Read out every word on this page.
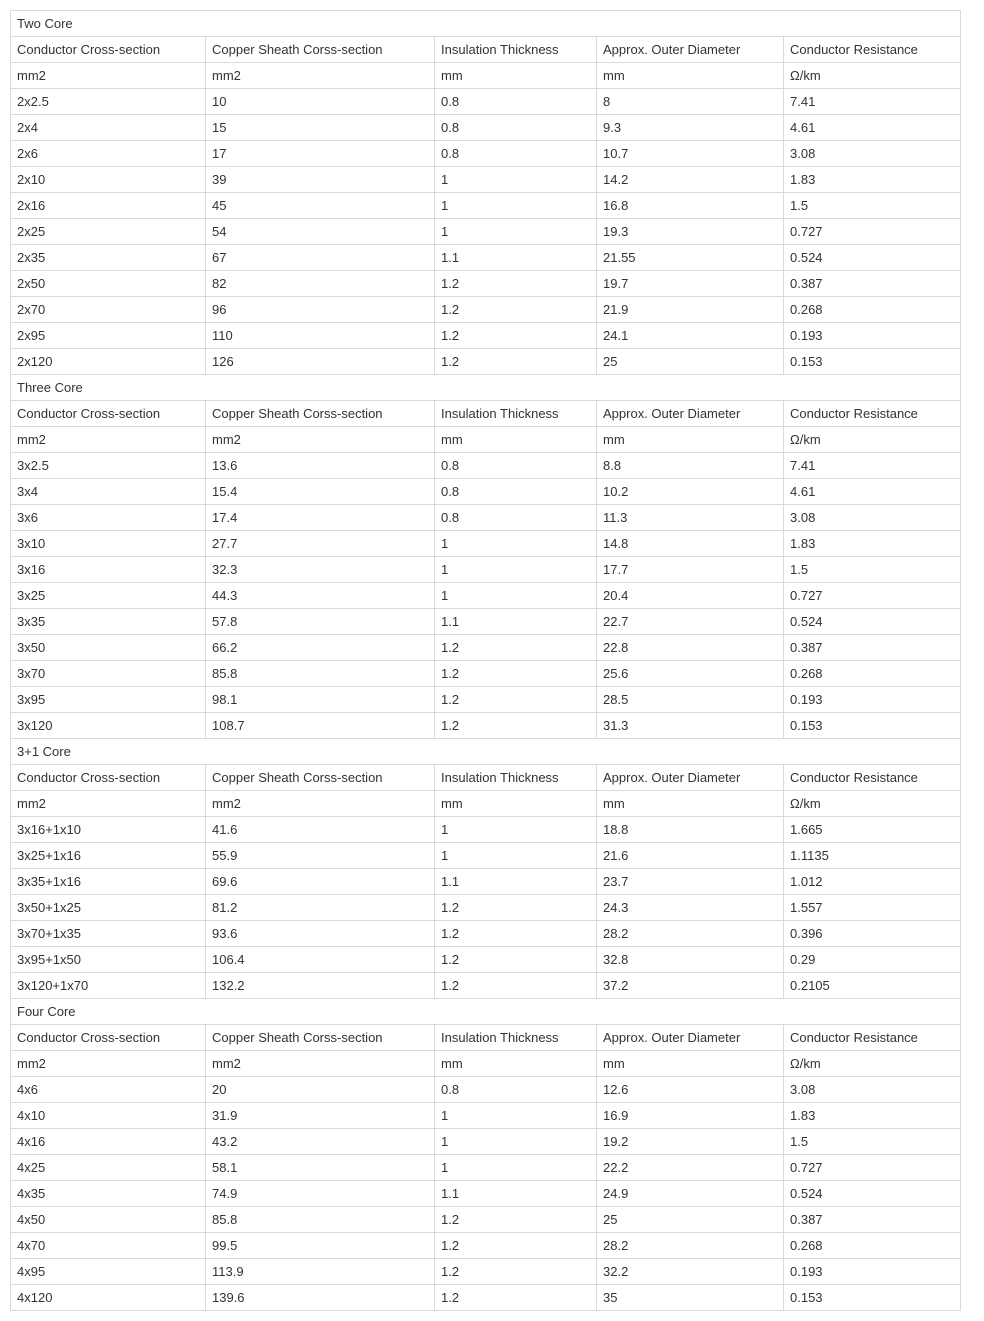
Two Core				
Conductor Cross-section	Copper Sheath Corss-section	Insulation Thickness	Approx. Outer Diameter	Conductor Resistance
mm2	mm2	mm	mm	Ω/km
2x2.5	10	0.8	8	7.41
2x4	15	0.8	9.3	4.61
2x6	17	0.8	10.7	3.08
2x10	39	1	14.2	1.83
2x16	45	1	16.8	1.5
2x25	54	1	19.3	0.727
2x35	67	1.1	21.55	0.524
2x50	82	1.2	19.7	0.387
2x70	96	1.2	21.9	0.268
2x95	110	1.2	24.1	0.193
2x120	126	1.2	25	0.153
Three Core				
Conductor Cross-section	Copper Sheath Corss-section	Insulation Thickness	Approx. Outer Diameter	Conductor Resistance
mm2	mm2	mm	mm	Ω/km
3x2.5	13.6	0.8	8.8	7.41
3x4	15.4	0.8	10.2	4.61
3x6	17.4	0.8	11.3	3.08
3x10	27.7	1	14.8	1.83
3x16	32.3	1	17.7	1.5
3x25	44.3	1	20.4	0.727
3x35	57.8	1.1	22.7	0.524
3x50	66.2	1.2	22.8	0.387
3x70	85.8	1.2	25.6	0.268
3x95	98.1	1.2	28.5	0.193
3x120	108.7	1.2	31.3	0.153
3+1 Core				
Conductor Cross-section	Copper Sheath Corss-section	Insulation Thickness	Approx. Outer Diameter	Conductor Resistance
mm2	mm2	mm	mm	Ω/km
3x16+1x10	41.6	1	18.8	1.665
3x25+1x16	55.9	1	21.6	1.1135
3x35+1x16	69.6	1.1	23.7	1.012
3x50+1x25	81.2	1.2	24.3	1.557
3x70+1x35	93.6	1.2	28.2	0.396
3x95+1x50	106.4	1.2	32.8	0.29
3x120+1x70	132.2	1.2	37.2	0.2105
Four Core				
Conductor Cross-section	Copper Sheath Corss-section	Insulation Thickness	Approx. Outer Diameter	Conductor Resistance
mm2	mm2	mm	mm	Ω/km
4x6	20	0.8	12.6	3.08
4x10	31.9	1	16.9	1.83
4x16	43.2	1	19.2	1.5
4x25	58.1	1	22.2	0.727
4x35	74.9	1.1	24.9	0.524
4x50	85.8	1.2	25	0.387
4x70	99.5	1.2	28.2	0.268
4x95	113.9	1.2	32.2	0.193
4x120	139.6	1.2	35	0.153
